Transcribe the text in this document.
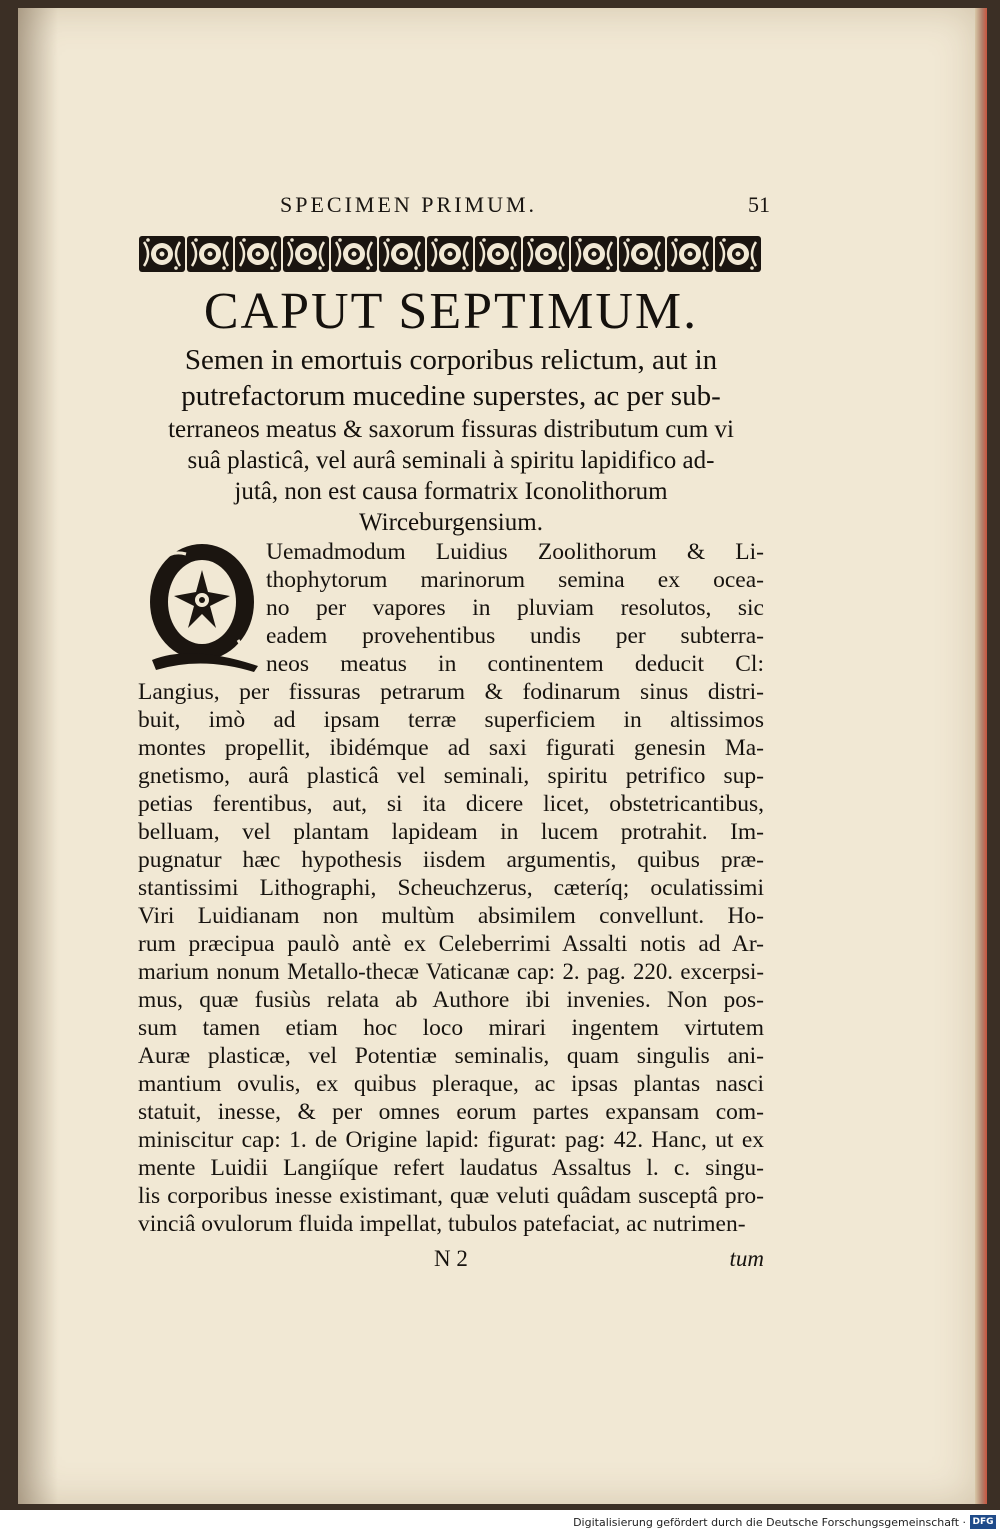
SPECIMEN PRIMUM.	51
CAPUT SEPTIMUM.
Semen in emortuis corporibus relictum, aut in
putrefactorum mucedine superstes, ac per sub-
terraneos meatus & saxorum fissuras distributum cum vi
suâ plasticâ, vel aurâ seminali à spiritu lapidifico ad-
jutâ, non est causa formatrix Iconolithorum
Wirceburgensium.
Uemadmodum Luidius Zoolithorum & Li-
thophytorum marinorum semina ex ocea-
no per vapores in pluviam resolutos, sic
eadem provehentibus undis per subterra-
neos meatus in continentem deducit Cl:
Langius, per fissuras petrarum & fodinarum sinus distri-
buit, imò ad ipsam terræ superficiem in altissimos
montes propellit, ibidémque ad saxi figurati genesin Ma-
gnetismo, aurâ plasticâ vel seminali, spiritu petrifico sup-
petias ferentibus, aut, si ita dicere licet, obstetricantibus,
belluam, vel plantam lapideam in lucem protrahit. Im-
pugnatur hæc hypothesis iisdem argumentis, quibus præ-
stantissimi Lithographi, Scheuchzerus, cæteríq; oculatissimi
Viri Luidianam non multùm absimilem convellunt. Ho-
rum præcipua paulò antè ex Celeberrimi Assalti notis ad Ar-
marium nonum Metallo-thecæ Vaticanæ cap: 2. pag. 220. excerpsi-
mus, quæ fusiùs relata ab Authore ibi invenies. Non pos-
sum tamen etiam hoc loco mirari ingentem virtutem
Auræ plasticæ, vel Potentiæ seminalis, quam singulis ani-
mantium ovulis, ex quibus pleraque, ac ipsas plantas nasci
statuit, inesse, & per omnes eorum partes expansam com-
miniscitur cap: 1. de Origine lapid: figurat: pag: 42. Hanc, ut ex
mente Luidii Langiíque refert laudatus Assaltus l. c. singu-
lis corporibus inesse existimant, quæ veluti quâdam susceptâ pro-
vinciâ ovulorum fluida impellat, tubulos patefaciat, ac nutrimen-
N 2	tum
Digitalisierung gefördert durch die Deutsche Forschungsgemeinschaft · DFG
